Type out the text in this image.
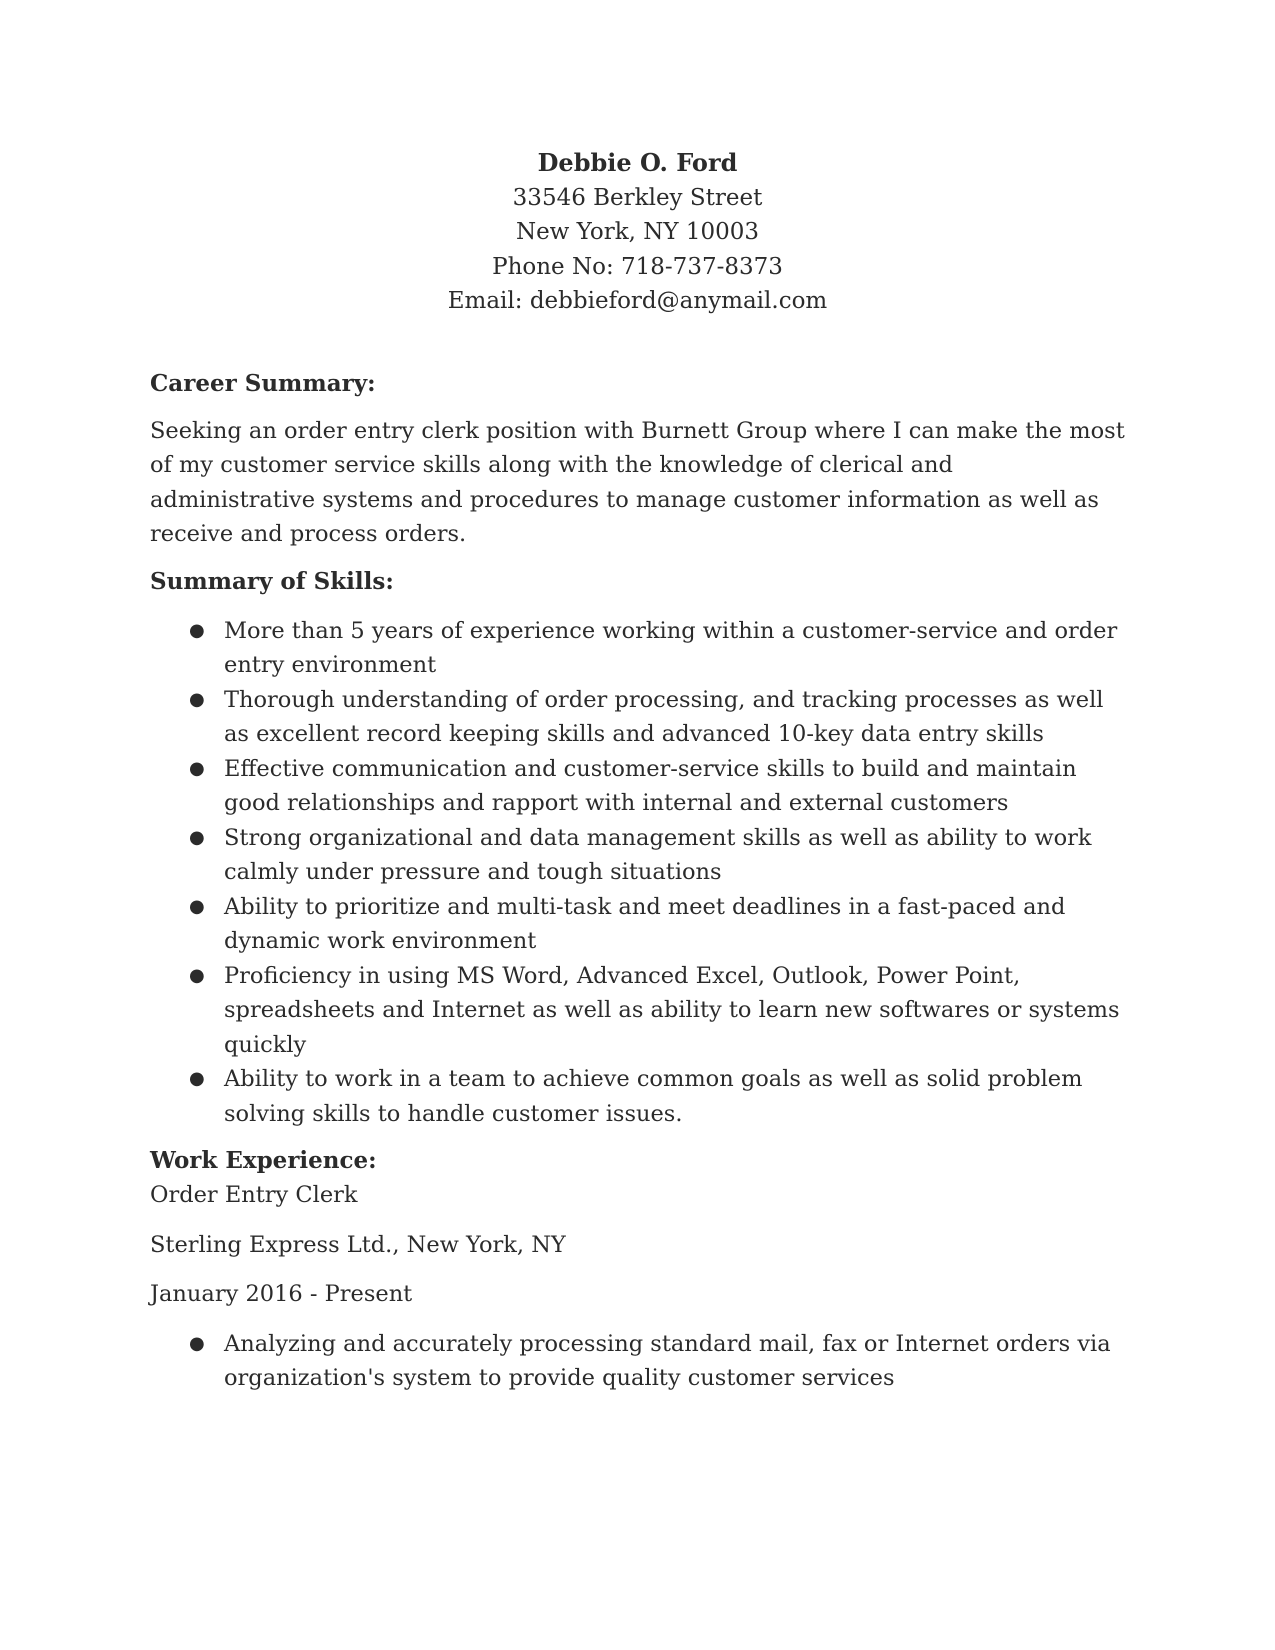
Debbie O. Ford
33546 Berkley Street
New York, NY 10003
Phone No: 718-737-8373
Email: debbieford@anymail.com
Career Summary:

Seeking an order entry clerk position with Burnett Group where I can make the most of my customer service skills along with the knowledge of clerical and administrative systems and procedures to manage customer information as well as receive and process orders.

Summary of Skills:
● More than 5 years of experience working within a customer-service and order entry environment
● Thorough understanding of order processing, and tracking processes as well as excellent record keeping skills and advanced 10-key data entry skills
● Effective communication and customer-service skills to build and maintain good relationships and rapport with internal and external customers
● Strong organizational and data management skills as well as ability to work calmly under pressure and tough situations
● Ability to prioritize and multi-task and meet deadlines in a fast-paced and dynamic work environment
● Proficiency in using MS Word, Advanced Excel, Outlook, Power Point, spreadsheets and Internet as well as ability to learn new softwares or systems quickly
● Ability to work in a team to achieve common goals as well as solid problem solving skills to handle customer issues.
Work Experience:

Order Entry Clerk

Sterling Express Ltd., New York, NY

January 2016 - Present

● Analyzing and accurately processing standard mail, fax or Internet orders via organization's system to provide quality customer services
